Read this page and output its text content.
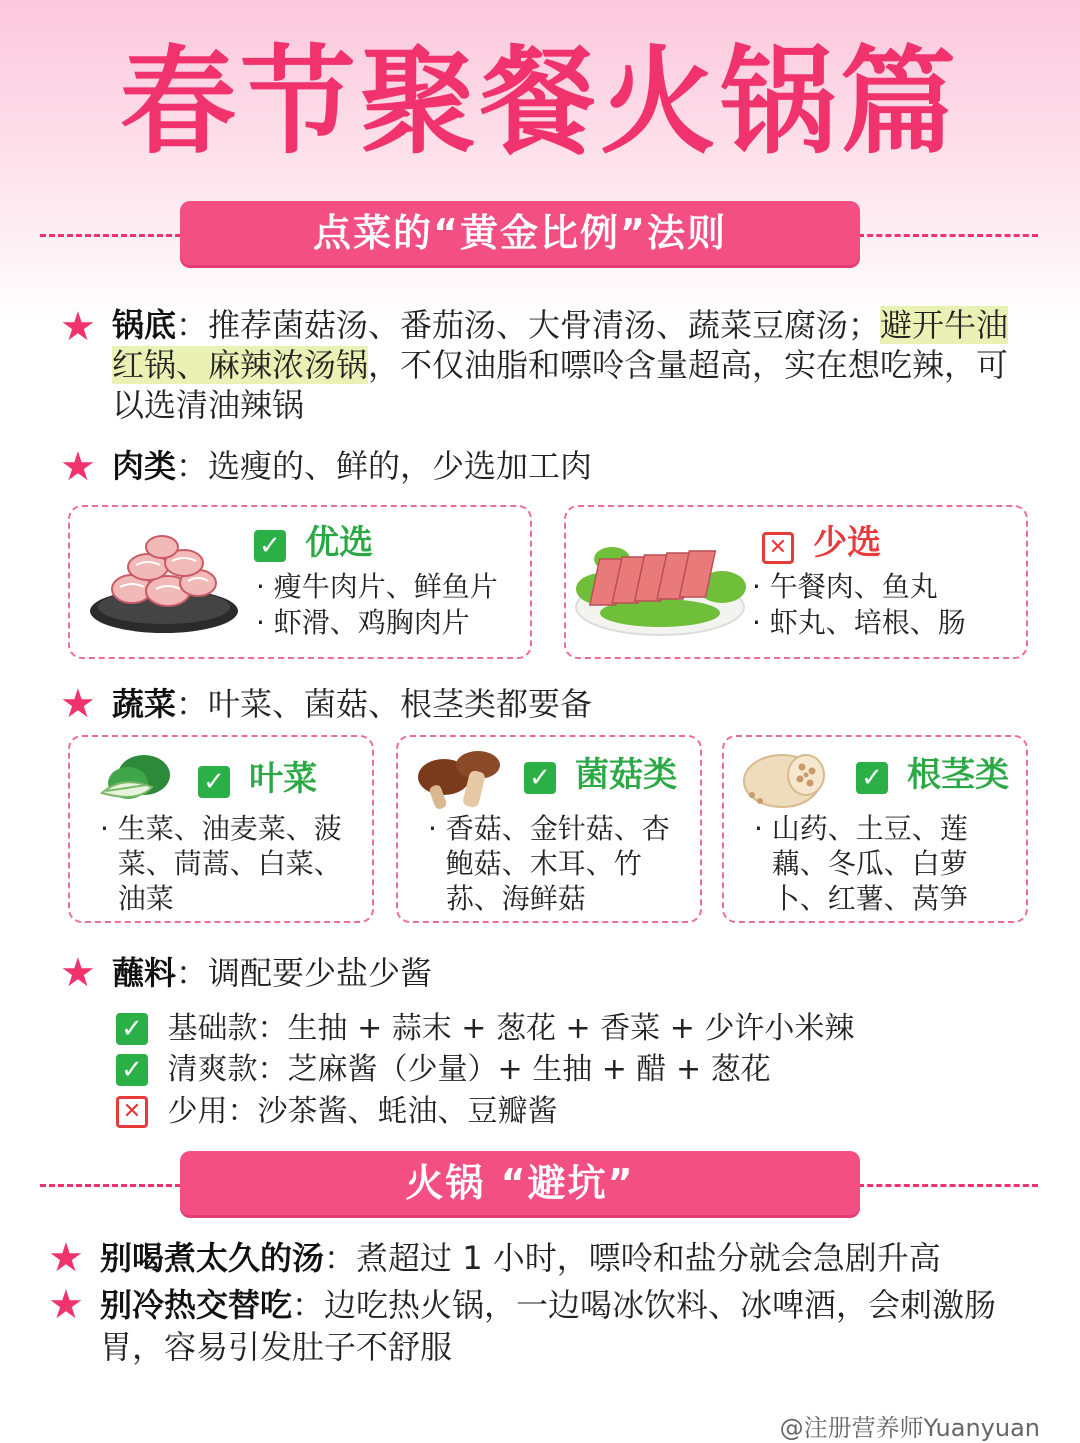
春节聚餐火锅篇
点菜的“黄金比例”法则
★ 锅底：推荐菌菇汤、番茄汤、大骨清汤、蔬菜豆腐汤；避开牛油红锅、麻辣浓汤锅，不仅油脂和嘌呤含量超高，实在想吃辣，可以选清油辣锅
★ 肉类：选瘦的、鲜的，少选加工肉
✓ 优选
· 瘦牛肉片、鲜鱼片
· 虾滑、鸡胸肉片
✕ 少选
· 午餐肉、鱼丸
· 虾丸、培根、肠
★ 蔬菜：叶菜、菌菇、根茎类都要备
✓ 叶菜
· 生菜、油麦菜、菠
菜、茼蒿、白菜、
油菜
✓ 菌菇类
· 香菇、金针菇、杏
鲍菇、木耳、竹
荪、海鲜菇
✓ 根茎类
· 山药、土豆、莲
藕、冬瓜、白萝
卜、红薯、莴笋
★ 蘸料：调配要少盐少酱
✓ 基础款：生抽 + 蒜末 + 葱花 + 香菜 + 少许小米辣
✓ 清爽款：芝麻酱（少量）+ 生抽 + 醋 + 葱花
✕ 少用：沙茶酱、蚝油、豆瓣酱
火锅 “避坑”
★ 别喝煮太久的汤：煮超过 1 小时，嘌呤和盐分就会急剧升高
★ 别冷热交替吃：边吃热火锅，一边喝冰饮料、冰啤酒，会刺激肠胃，容易引发肚子不舒服
@注册营养师Yuanyuan
